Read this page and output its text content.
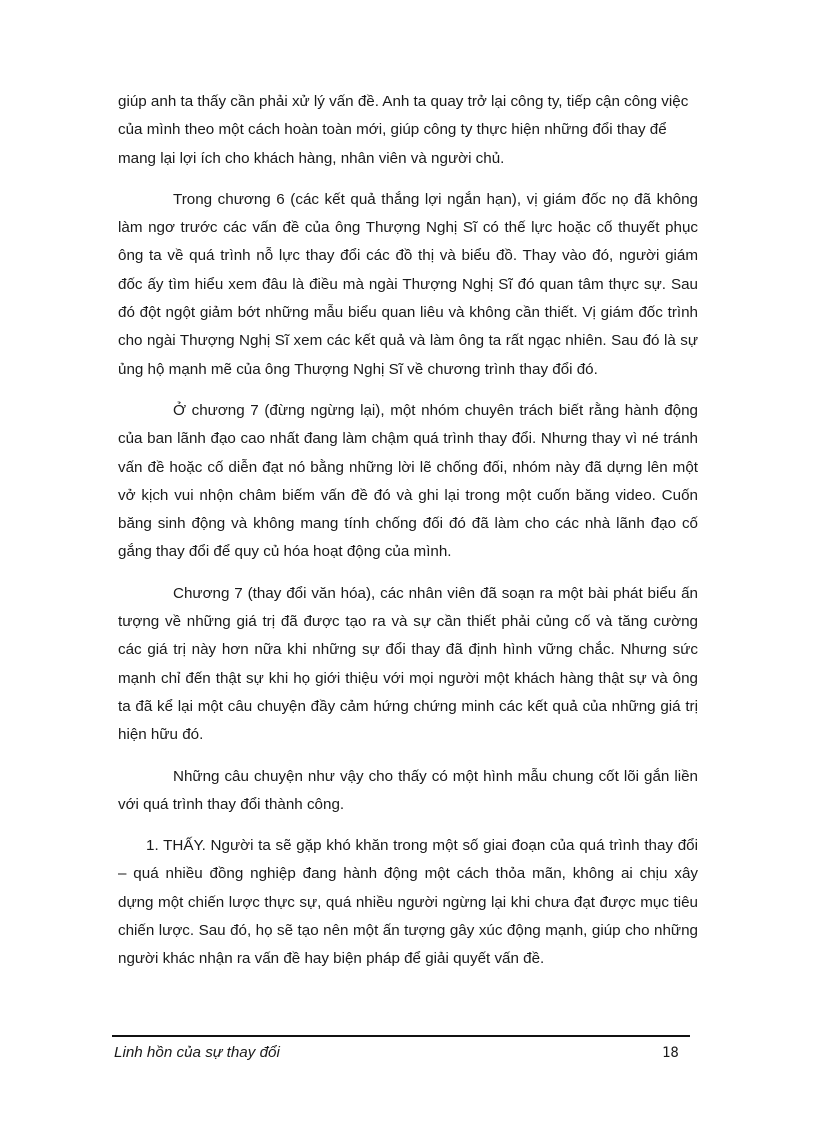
giúp anh ta thấy cần phải xử lý vấn đề. Anh ta quay trở lại công ty, tiếp cận công việc của mình theo một cách hoàn toàn mới, giúp công ty thực hiện những đổi thay để mang lại lợi ích cho khách hàng, nhân viên và người chủ.

Trong chương 6 (các kết quả thắng lợi ngắn hạn), vị giám đốc nọ đã không làm ngơ trước các vấn đề của ông Thượng Nghị Sĩ có thế lực hoặc cố thuyết phục ông ta về quá trình nỗ lực thay đổi các đồ thị và biểu đồ. Thay vào đó, người giám đốc ấy tìm hiểu xem đâu là điều mà ngài Thượng Nghị Sĩ đó quan tâm thực sự. Sau đó đột ngột giảm bớt những mẫu biểu quan liêu và không cần thiết. Vị giám đốc trình cho ngài Thượng Nghị Sĩ xem các kết quả và làm ông ta rất ngạc nhiên. Sau đó là sự ủng hộ mạnh mẽ của ông Thượng Nghị Sĩ về chương trình thay đổi đó.

Ở chương 7 (đừng ngừng lại), một nhóm chuyên trách biết rằng hành động của ban lãnh đạo cao nhất đang làm chậm quá trình thay đổi. Nhưng thay vì né tránh vấn đề hoặc cố diễn đạt nó bằng những lời lẽ chống đối, nhóm này đã dựng lên một vở kịch vui nhộn châm biếm vấn đề đó và ghi lại trong một cuốn băng video. Cuốn băng sinh động và không mang tính chống đối đó đã làm cho các nhà lãnh đạo cố gắng thay đổi để quy củ hóa hoạt động của mình.

Chương 7 (thay đổi văn hóa), các nhân viên đã soạn ra một bài phát biểu ấn tượng về những giá trị đã được tạo ra và sự cần thiết phải củng cố và tăng cường các giá trị này hơn nữa khi những sự đổi thay đã định hình vững chắc. Nhưng sức mạnh chỉ đến thật sự khi họ giới thiệu với mọi người một khách hàng thật sự và ông ta đã kể lại một câu chuyện đầy cảm hứng chứng minh các kết quả của những giá trị hiện hữu đó.

Những câu chuyện như vậy cho thấy có một hình mẫu chung cốt lõi gắn liền với quá trình thay đổi thành công.

1. THẤY. Người ta sẽ gặp khó khăn trong một số giai đoạn của quá trình thay đổi – quá nhiều đồng nghiệp đang hành động một cách thỏa mãn, không ai chịu xây dựng một chiến lược thực sự, quá nhiều người ngừng lại khi chưa đạt được mục tiêu chiến lược. Sau đó, họ sẽ tạo nên một ấn tượng gây xúc động mạnh, giúp cho những người khác nhận ra vấn đề hay biện pháp để giải quyết vấn đề.

Linh hồn của sự thay đổi	18
